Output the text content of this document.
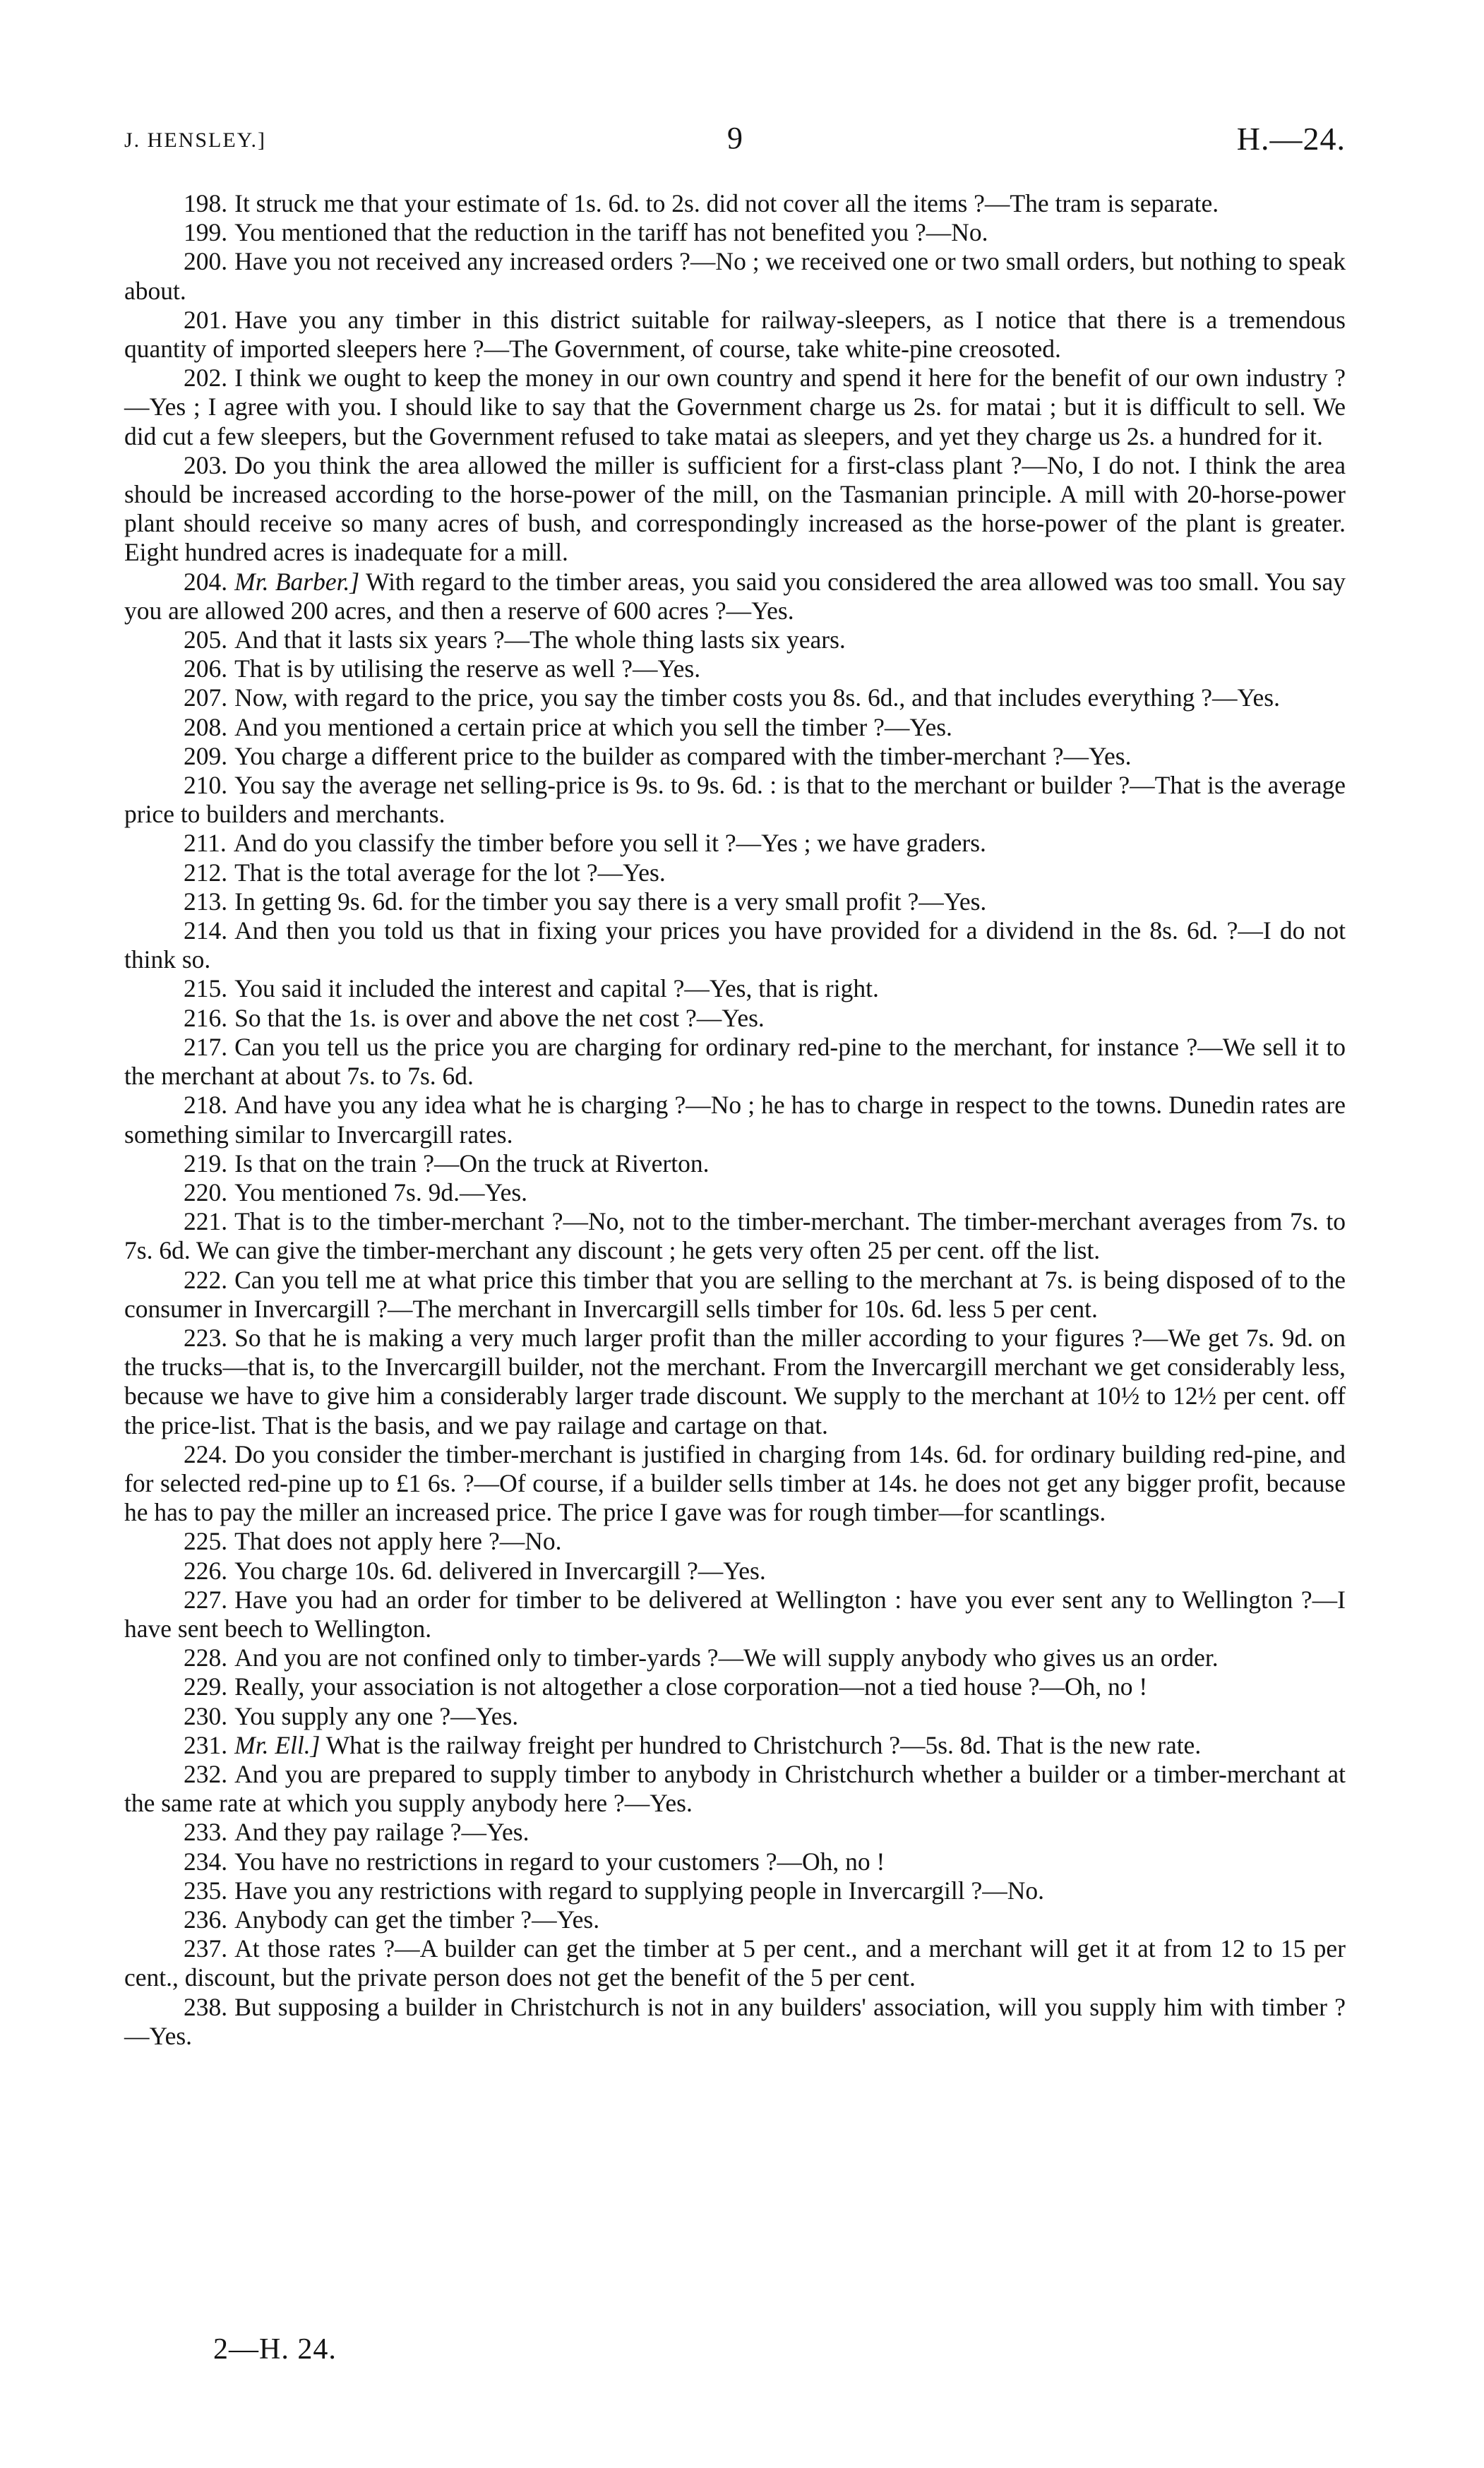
J. HENSLEY.]	9	H.—24.

198. It struck me that your estimate of 1s. 6d. to 2s. did not cover all the items ?—The tram is separate.

199. You mentioned that the reduction in the tariff has not benefited you ?—No.

200. Have you not received any increased orders ?—No ; we received one or two small orders, but nothing to speak about.

201. Have you any timber in this district suitable for railway-sleepers, as I notice that there is a tremendous quantity of imported sleepers here ?—The Government, of course, take white-pine creosoted.

202. I think we ought to keep the money in our own country and spend it here for the benefit of our own industry ?—Yes ; I agree with you. I should like to say that the Government charge us 2s. for matai ; but it is difficult to sell. We did cut a few sleepers, but the Government refused to take matai as sleepers, and yet they charge us 2s. a hundred for it.

203. Do you think the area allowed the miller is sufficient for a first-class plant ?—No, I do not. I think the area should be increased according to the horse-power of the mill, on the Tasmanian principle. A mill with 20-horse-power plant should receive so many acres of bush, and correspondingly increased as the horse-power of the plant is greater. Eight hundred acres is inadequate for a mill.

204. Mr. Barber.] With regard to the timber areas, you said you considered the area allowed was too small. You say you are allowed 200 acres, and then a reserve of 600 acres ?—Yes.

205. And that it lasts six years ?—The whole thing lasts six years.

206. That is by utilising the reserve as well ?—Yes.

207. Now, with regard to the price, you say the timber costs you 8s. 6d., and that includes everything ?—Yes.

208. And you mentioned a certain price at which you sell the timber ?—Yes.

209. You charge a different price to the builder as compared with the timber-merchant ?—Yes.

210. You say the average net selling-price is 9s. to 9s. 6d. : is that to the merchant or builder ?—That is the average price to builders and merchants.

211. And do you classify the timber before you sell it ?—Yes ; we have graders.

212. That is the total average for the lot ?—Yes.

213. In getting 9s. 6d. for the timber you say there is a very small profit ?—Yes.

214. And then you told us that in fixing your prices you have provided for a dividend in the 8s. 6d. ?—I do not think so.

215. You said it included the interest and capital ?—Yes, that is right.

216. So that the 1s. is over and above the net cost ?—Yes.

217. Can you tell us the price you are charging for ordinary red-pine to the merchant, for instance ?—We sell it to the merchant at about 7s. to 7s. 6d.

218. And have you any idea what he is charging ?—No ; he has to charge in respect to the towns. Dunedin rates are something similar to Invercargill rates.

219. Is that on the train ?—On the truck at Riverton.

220. You mentioned 7s. 9d.—Yes.

221. That is to the timber-merchant ?—No, not to the timber-merchant. The timber-merchant averages from 7s. to 7s. 6d. We can give the timber-merchant any discount ; he gets very often 25 per cent. off the list.

222. Can you tell me at what price this timber that you are selling to the merchant at 7s. is being disposed of to the consumer in Invercargill ?—The merchant in Invercargill sells timber for 10s. 6d. less 5 per cent.

223. So that he is making a very much larger profit than the miller according to your figures ?—We get 7s. 9d. on the trucks—that is, to the Invercargill builder, not the merchant. From the Invercargill merchant we get considerably less, because we have to give him a considerably larger trade discount. We supply to the merchant at 10½ to 12½ per cent. off the price-list. That is the basis, and we pay railage and cartage on that.

224. Do you consider the timber-merchant is justified in charging from 14s. 6d. for ordinary building red-pine, and for selected red-pine up to £1 6s. ?—Of course, if a builder sells timber at 14s. he does not get any bigger profit, because he has to pay the miller an increased price. The price I gave was for rough timber—for scantlings.

225. That does not apply here ?—No.

226. You charge 10s. 6d. delivered in Invercargill ?—Yes.

227. Have you had an order for timber to be delivered at Wellington : have you ever sent any to Wellington ?—I have sent beech to Wellington.

228. And you are not confined only to timber-yards ?—We will supply anybody who gives us an order.

229. Really, your association is not altogether a close corporation—not a tied house ?—Oh, no !

230. You supply any one ?—Yes.

231. Mr. Ell.] What is the railway freight per hundred to Christchurch ?—5s. 8d. That is the new rate.

232. And you are prepared to supply timber to anybody in Christchurch whether a builder or a timber-merchant at the same rate at which you supply anybody here ?—Yes.

233. And they pay railage ?—Yes.

234. You have no restrictions in regard to your customers ?—Oh, no !

235. Have you any restrictions with regard to supplying people in Invercargill ?—No.

236. Anybody can get the timber ?—Yes.

237. At those rates ?—A builder can get the timber at 5 per cent., and a merchant will get it at from 12 to 15 per cent., discount, but the private person does not get the benefit of the 5 per cent.

238. But supposing a builder in Christchurch is not in any builders' association, will you supply him with timber ?—Yes.

2—H. 24.
